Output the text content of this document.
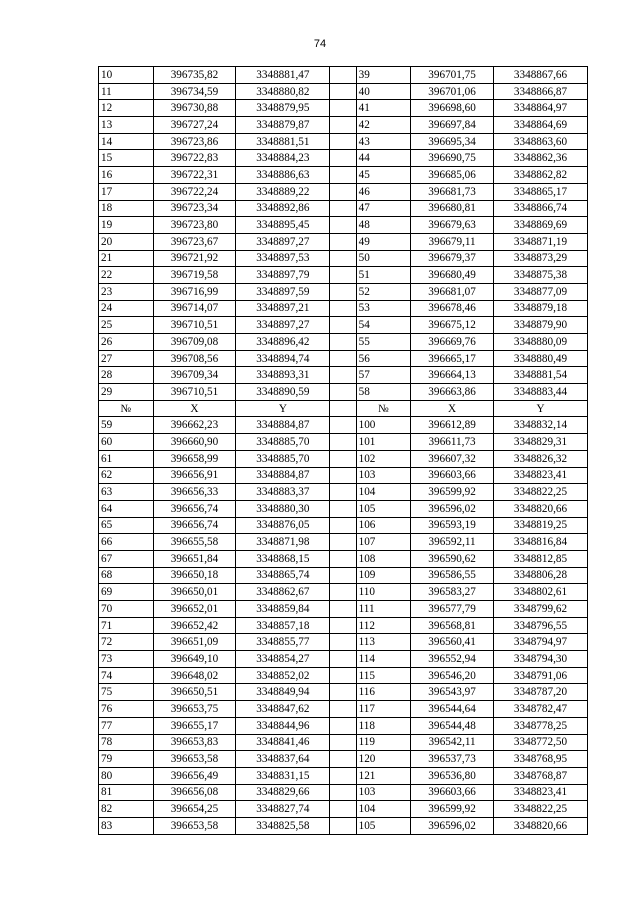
74
10	396735,82	3348881,47		39	396701,75	3348867,66
11	396734,59	3348880,82		40	396701,06	3348866,87
12	396730,88	3348879,95		41	396698,60	3348864,97
13	396727,24	3348879,87		42	396697,84	3348864,69
14	396723,86	3348881,51		43	396695,34	3348863,60
15	396722,83	3348884,23		44	396690,75	3348862,36
16	396722,31	3348886,63		45	396685,06	3348862,82
17	396722,24	3348889,22		46	396681,73	3348865,17
18	396723,34	3348892,86		47	396680,81	3348866,74
19	396723,80	3348895,45		48	396679,63	3348869,69
20	396723,67	3348897,27		49	396679,11	3348871,19
21	396721,92	3348897,53		50	396679,37	3348873,29
22	396719,58	3348897,79		51	396680,49	3348875,38
23	396716,99	3348897,59		52	396681,07	3348877,09
24	396714,07	3348897,21		53	396678,46	3348879,18
25	396710,51	3348897,27		54	396675,12	3348879,90
26	396709,08	3348896,42		55	396669,76	3348880,09
27	396708,56	3348894,74		56	396665,17	3348880,49
28	396709,34	3348893,31		57	396664,13	3348881,54
29	396710,51	3348890,59		58	396663,86	3348883,44
№	X	Y		№	X	Y
59	396662,23	3348884,87		100	396612,89	3348832,14
60	396660,90	3348885,70		101	396611,73	3348829,31
61	396658,99	3348885,70		102	396607,32	3348826,32
62	396656,91	3348884,87		103	396603,66	3348823,41
63	396656,33	3348883,37		104	396599,92	3348822,25
64	396656,74	3348880,30		105	396596,02	3348820,66
65	396656,74	3348876,05		106	396593,19	3348819,25
66	396655,58	3348871,98		107	396592,11	3348816,84
67	396651,84	3348868,15		108	396590,62	3348812,85
68	396650,18	3348865,74		109	396586,55	3348806,28
69	396650,01	3348862,67		110	396583,27	3348802,61
70	396652,01	3348859,84		111	396577,79	3348799,62
71	396652,42	3348857,18		112	396568,81	3348796,55
72	396651,09	3348855,77		113	396560,41	3348794,97
73	396649,10	3348854,27		114	396552,94	3348794,30
74	396648,02	3348852,02		115	396546,20	3348791,06
75	396650,51	3348849,94		116	396543,97	3348787,20
76	396653,75	3348847,62		117	396544,64	3348782,47
77	396655,17	3348844,96		118	396544,48	3348778,25
78	396653,83	3348841,46		119	396542,11	3348772,50
79	396653,58	3348837,64		120	396537,73	3348768,95
80	396656,49	3348831,15		121	396536,80	3348768,87
81	396656,08	3348829,66		103	396603,66	3348823,41
82	396654,25	3348827,74		104	396599,92	3348822,25
83	396653,58	3348825,58		105	396596,02	3348820,66
